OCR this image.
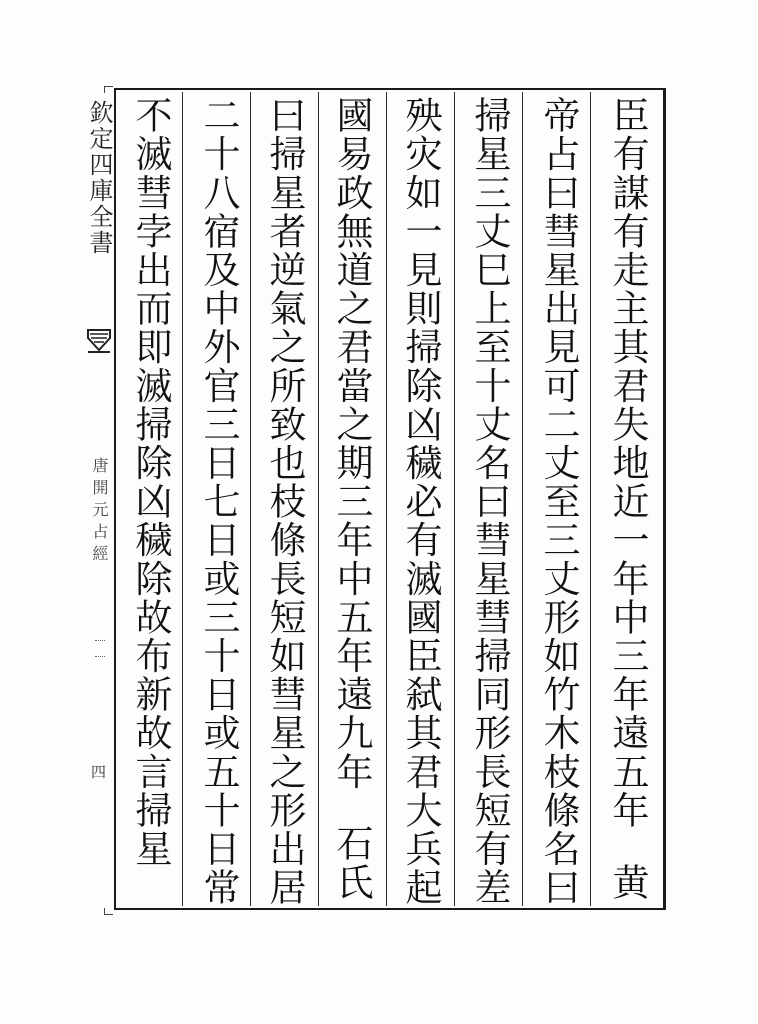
臣有謀有走主其君失地近一年中三年遠五年黄
帝占曰彗星出見可二丈至三丈形如竹木枝條名曰
掃星三丈巳上至十丈名曰彗星彗掃同形長短有差
殃灾如一見則掃除凶穢必有滅國臣弑其君大兵起
國易政無道之君當之期三年中五年遠九年石氏
曰掃星者逆氣之所致也枝條長短如彗星之形出居
二十八宿及中外官三日七日或三十日或五十日常
不滅彗孛出而即滅掃除凶穢除故布新故言掃星
欽定四庫全書
唐開元占經
四
